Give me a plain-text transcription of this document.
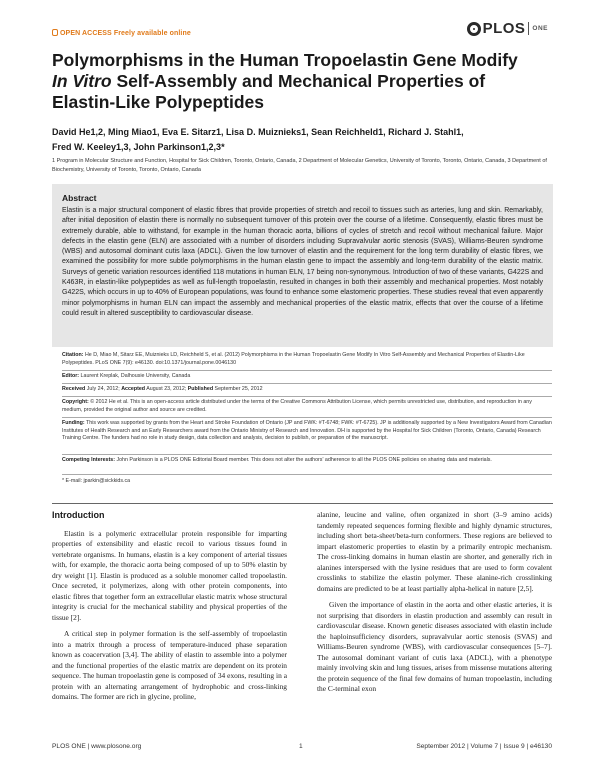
OPEN ACCESS Freely available online	PLOS ONE
Polymorphisms in the Human Tropoelastin Gene Modify
In Vitro Self-Assembly and Mechanical Properties of
Elastin-Like Polypeptides
David He1,2, Ming Miao1, Eva E. Sitarz1, Lisa D. Muiznieks1, Sean Reichheld1, Richard J. Stahl1,
Fred W. Keeley1,3, John Parkinson1,2,3*
1 Program in Molecular Structure and Function, Hospital for Sick Children, Toronto, Ontario, Canada, 2 Department of Molecular Genetics, University of Toronto, Toronto, Ontario, Canada, 3 Department of Biochemistry, University of Toronto, Toronto, Ontario, Canada
Abstract

Elastin is a major structural component of elastic fibres that provide properties of stretch and recoil to tissues such as arteries, lung and skin. Remarkably, after initial deposition of elastin there is normally no subsequent turnover of this protein over the course of a lifetime. Consequently, elastic fibres must be extremely durable, able to withstand, for example in the human thoracic aorta, billions of cycles of stretch and recoil without mechanical failure. Major defects in the elastin gene (ELN) are associated with a number of disorders including Supravalvular aortic stenosis (SVAS), Williams-Beuren syndrome (WBS) and autosomal dominant cutis laxa (ADCL). Given the low turnover of elastin and the requirement for the long term durability of elastic fibres, we examined the possibility for more subtle polymorphisms in the human elastin gene to impact the assembly and long-term durability of the elastic matrix. Surveys of genetic variation resources identified 118 mutations in human ELN, 17 being non-synonymous. Introduction of two of these variants, G422S and K463R, in elastin-like polypeptides as well as full-length tropoelastin, resulted in changes in both their assembly and mechanical properties. Most notably G422S, which occurs in up to 40% of European populations, was found to enhance some elastomeric properties. These studies reveal that even apparently minor polymorphisms in human ELN can impact the assembly and mechanical properties of the elastic matrix, effects that over the course of a lifetime could result in altered susceptibility to cardiovascular disease.

Citation: He D, Miao M, Sitarz EE, Muiznieks LD, Reichheld S, et al. (2012) Polymorphisms in the Human Tropoelastin Gene Modify In Vitro Self-Assembly and Mechanical Properties of Elastin-Like Polypeptides. PLoS ONE 7(9): e46130. doi:10.1371/journal.pone.0046130
Editor: Laurent Kreplak, Dalhousie University, Canada
Received July 24, 2012; Accepted August 23, 2012; Published September 25, 2012
Copyright: © 2012 He et al. This is an open-access article distributed under the terms of the Creative Commons Attribution License, which permits unrestricted use, distribution, and reproduction in any medium, provided the original author and source are credited.
Funding: This work was supported by grants from the Heart and Stroke Foundation of Ontario (JP and FWK: #T-6748; FWK: #T-6725). JP is additionally supported by a New Investigators Award from Canadian Institutes of Health Research and an Early Researchers award from the Ontario Ministry of Research and Innovation. DH is supported by the Hospital for Sick Children (Toronto, Ontario, Canada) Research Training Centre. The funders had no role in study design, data collection and analysis, decision to publish, or preparation of the manuscript.
Competing Interests: John Parkinson is a PLOS ONE Editorial Board member. This does not alter the authors' adherence to all the PLOS ONE policies on sharing data and materials.
* E-mail: jparkin@sickkids.ca
Introduction

Elastin is a polymeric extracellular protein responsible for imparting properties of extensibility and elastic recoil to various tissues found in vertebrate organisms. In humans, elastin is a key component of arterial tissues with, for example, the thoracic aorta being composed of up to 50% elastin by dry weight [1]. Elastin is produced as a soluble monomer called tropoelastin. Once secreted, it polymerizes, along with other protein components, into elastic fibres that together form an extracellular elastic matrix whose structural integrity is crucial for the mechanical stability and physical properties of the tissue [2].

A critical step in polymer formation is the self-assembly of tropoelastin into a matrix through a process of temperature-induced phase separation known as coacervation [3,4]. The ability of elastin to assemble into a polymer and the functional properties of the elastic matrix are dependent on its protein sequence. The human tropoelastin gene is composed of 34 exons, resulting in a protein with an alternating arrangement of hydrophobic and cross-linking domains. The former are rich in glycine, proline,

alanine, leucine and valine, often organized in short (3–9 amino acids) tandemly repeated sequences forming flexible and highly dynamic structures, including short beta-sheet/beta-turn conformers. These regions are believed to impart elastomeric properties to elastin by a primarily entropic mechanism. The cross-linking domains in human elastin are shorter, and generally rich in alanines interspersed with the lysine residues that are used to form covalent crosslinks to stabilize the elastin polymer. These alanine-rich crosslinking domains are predicted to be at least partially alpha-helical in nature [2,5].

Given the importance of elastin in the aorta and other elastic arteries, it is not surprising that disorders in elastin production and assembly can result in cardiovascular disease. Known genetic diseases associated with elastin include the haploinsufficiency disorders, supravalvular aortic stenosis (SVAS) and Williams-Beuren syndrome (WBS), with cardiovascular consequences [5–7]. The autosomal dominant variant of cutis laxa (ADCL), with a phenotype mainly involving skin and lung tissues, arises from missense mutations altering the protein sequence of the final few domains of human tropoelastin, including the C-terminal exon

PLOS ONE | www.plosone.org	1	September 2012 | Volume 7 | Issue 9 | e46130
